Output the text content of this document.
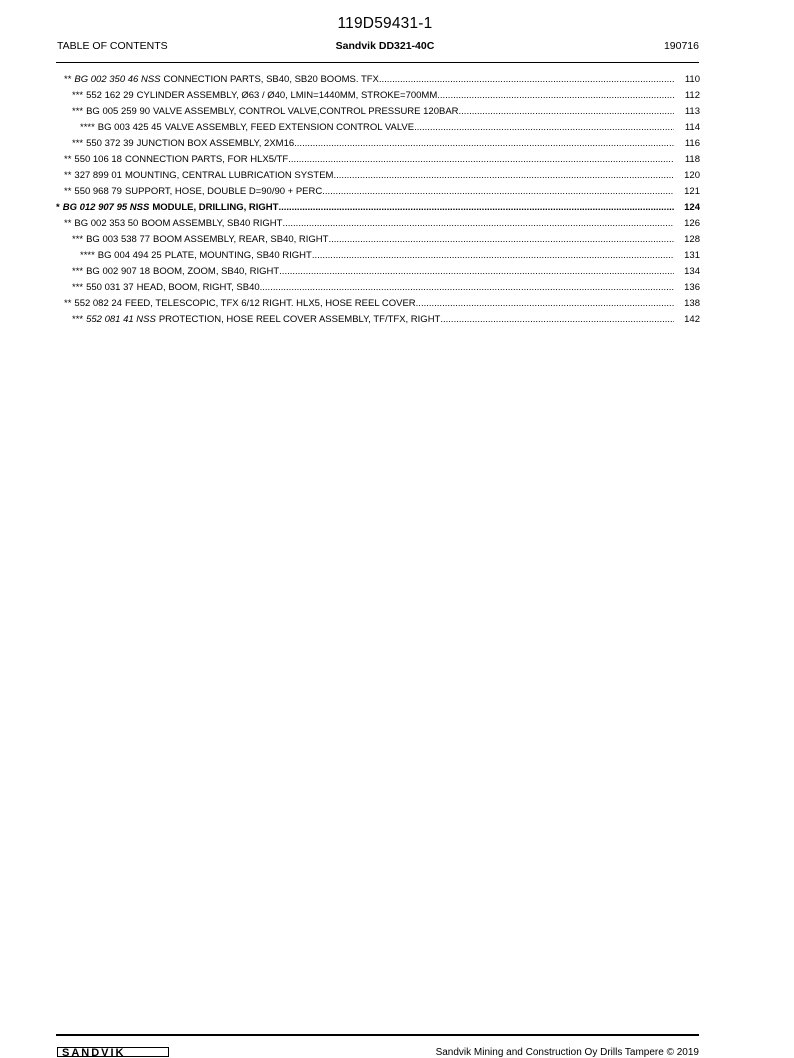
119D59431-1
TABLE OF CONTENTS	Sandvik DD321-40C	190716
** BG 002 350 46 NSS CONNECTION PARTS, SB40, SB20 BOOMS. TFX .....	110
*** 552 162 29 CYLINDER ASSEMBLY, Ø63 / Ø40, LMIN=1440MM, STROKE=700MM .....	112
*** BG 005 259 90 VALVE ASSEMBLY, CONTROL VALVE,CONTROL PRESSURE 120BAR .....	113
**** BG 003 425 45 VALVE ASSEMBLY, FEED EXTENSION CONTROL VALVE .....	114
*** 550 372 39 JUNCTION BOX ASSEMBLY, 2XM16 .....	116
** 550 106 18 CONNECTION PARTS, FOR HLX5/TF .....	118
** 327 899 01 MOUNTING, CENTRAL LUBRICATION SYSTEM .....	120
** 550 968 79 SUPPORT, HOSE, DOUBLE D=90/90 + PERC. .....	121
* BG 012 907 95 NSS MODULE, DRILLING, RIGHT .....	124
** BG 002 353 50 BOOM ASSEMBLY, SB40 RIGHT .....	126
*** BG 003 538 77 BOOM ASSEMBLY, REAR, SB40, RIGHT .....	128
**** BG 004 494 25 PLATE, MOUNTING, SB40 RIGHT .....	131
*** BG 002 907 18 BOOM, ZOOM, SB40, RIGHT .....	134
*** 550 031 37 HEAD, BOOM, RIGHT, SB40 .....	136
** 552 082 24 FEED, TELESCOPIC, TFX 6/12 RIGHT. HLX5, HOSE REEL COVER .....	138
*** 552 081 41 NSS PROTECTION, HOSE REEL COVER ASSEMBLY, TF/TFX, RIGHT .....	142
SANDVIK	Sandvik Mining and Construction Oy Drills Tampere © 2019
